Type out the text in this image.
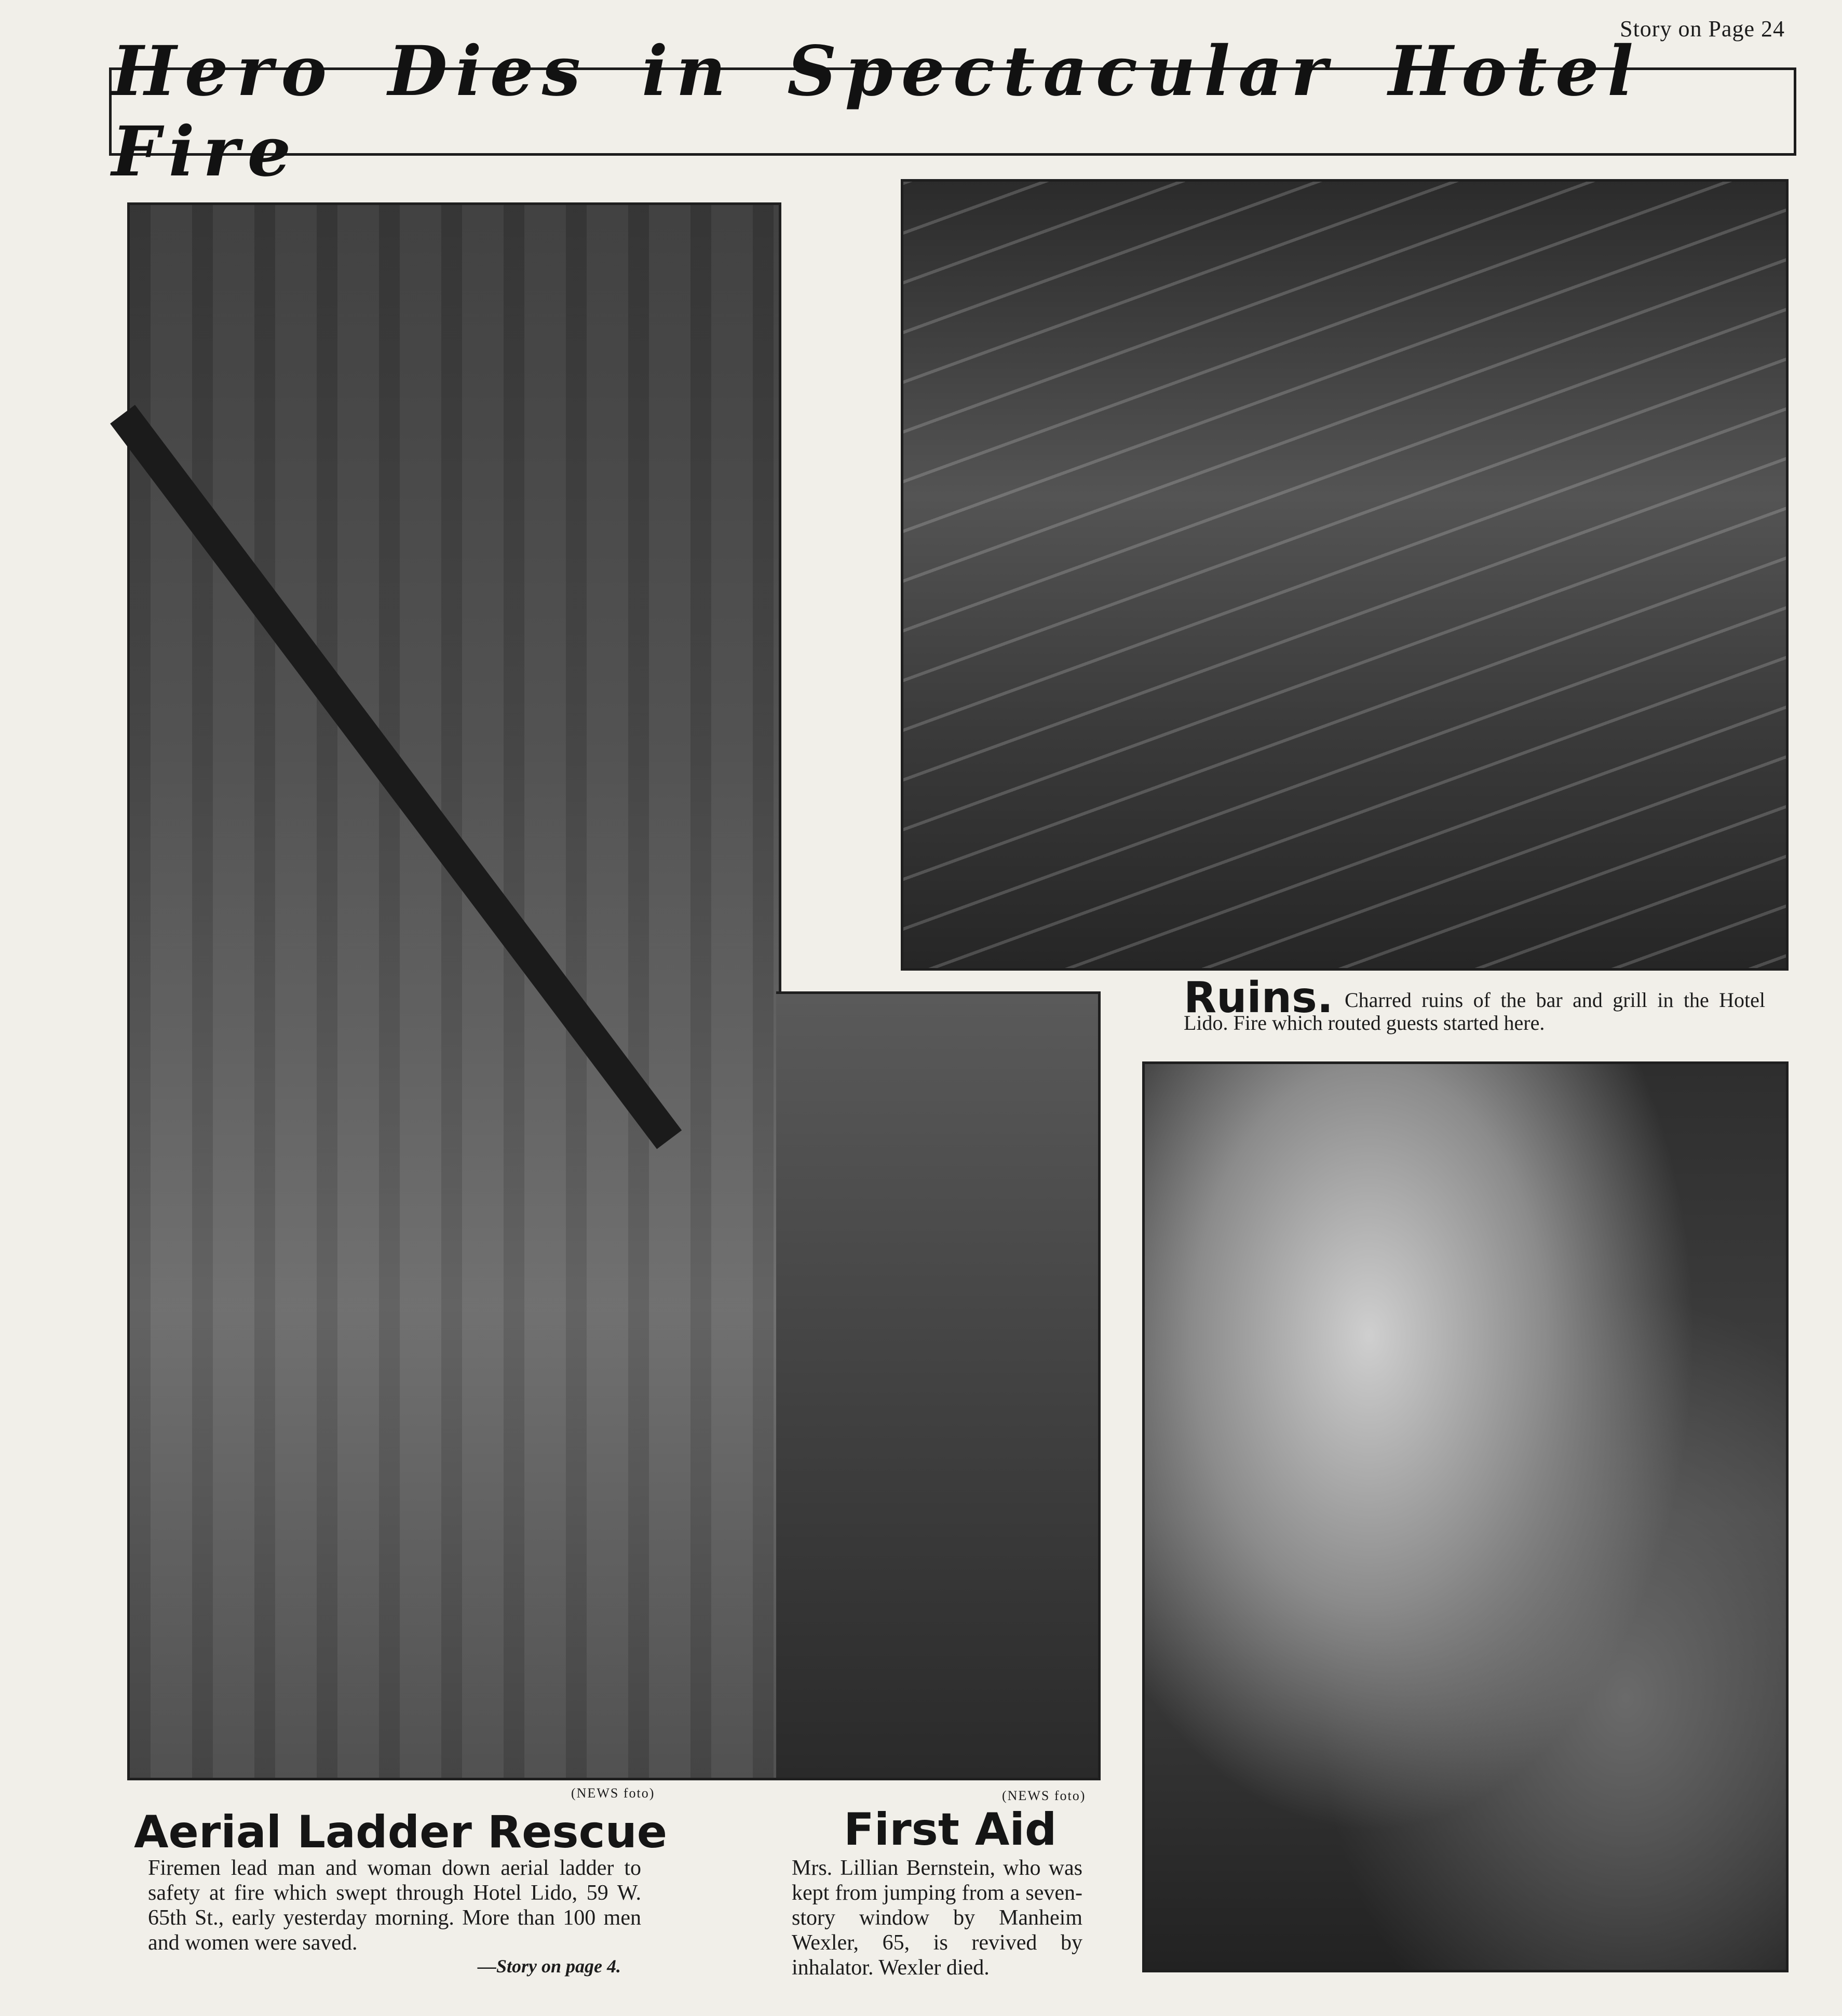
Story on Page 24
Hero Dies in Spectacular Hotel Fire
(NEWS foto)	(NEWS foto)
Ruins. Charred ruins of the bar and grill in the Hotel Lido. Fire which routed guests started here.
Aerial Ladder Rescue
Firemen lead man and woman down aerial ladder to safety at fire which swept through Hotel Lido, 59 W. 65th St., early yesterday morning. More than 100 men and women were saved.
—Story on page 4.
First Aid
Mrs. Lillian Bernstein, who was kept from jumping from a seven-story window by Manheim Wexler, 65, is revived by inhalator. Wexler died.
